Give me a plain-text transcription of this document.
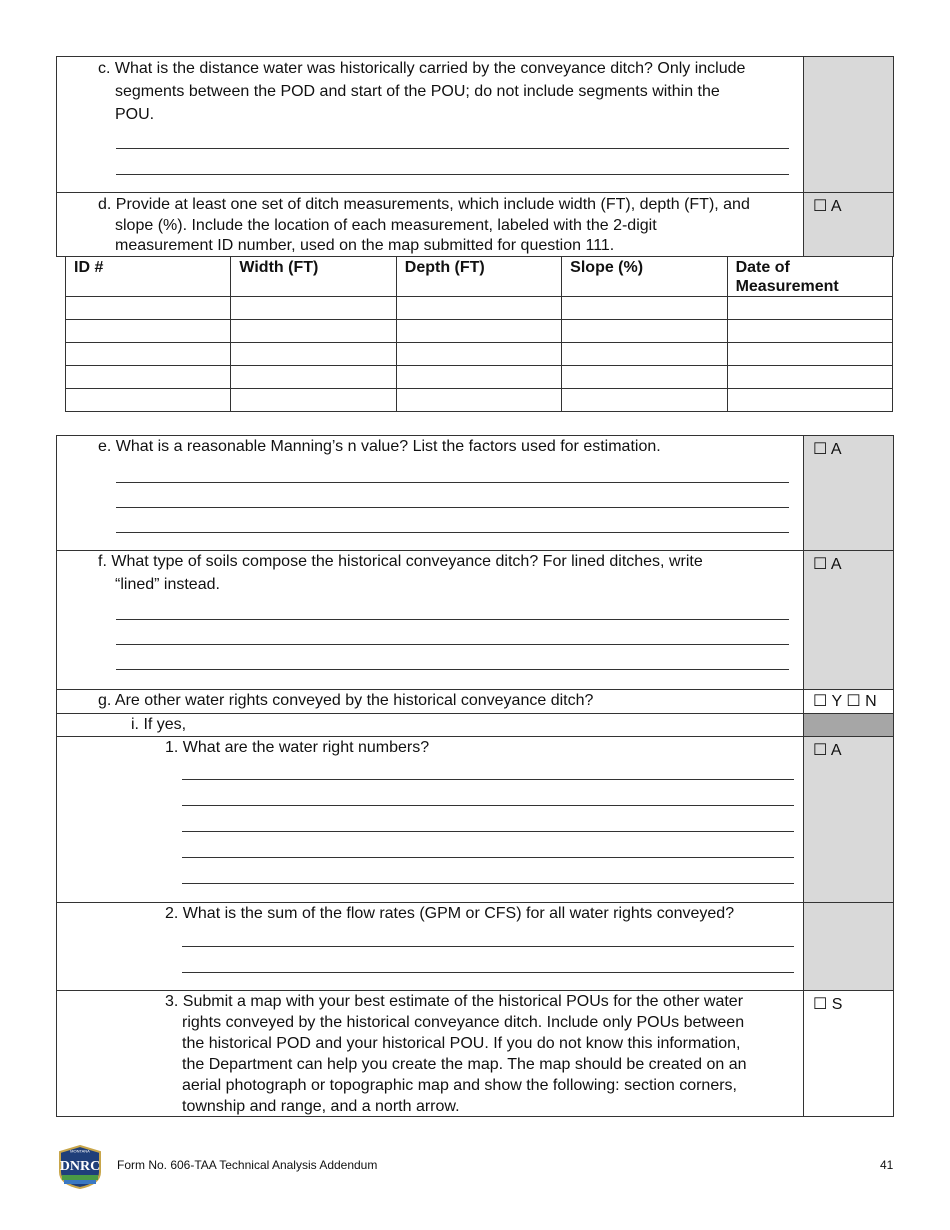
c. What is the distance water was historically carried by the conveyance ditch? Only include
segments between the POD and start of the POU; do not include segments within the
POU.
d. Provide at least one set of ditch measurements, which include width (FT), depth (FT), and
slope (%). Include the location of each measurement, labeled with the 2-digit
measurement ID number, used on the map submitted for question 111.
☐ A
ID #	Width (FT)	Depth (FT)	Slope (%)	Date of Measurement

e. What is a reasonable Manning’s n value? List the factors used for estimation.	☐ A
f. What type of soils compose the historical conveyance ditch? For lined ditches, write
“lined” instead.
☐ A
g. Are other water rights conveyed by the historical conveyance ditch?	☐ Y ☐ N
i. If yes,
1. What are the water right numbers?	☐ A
2. What is the sum of the flow rates (GPM or CFS) for all water rights conveyed?
3. Submit a map with your best estimate of the historical POUs for the other water
rights conveyed by the historical conveyance ditch. Include only POUs between
the historical POD and your historical POU. If you do not know this information,
the Department can help you create the map. The map should be created on an
aerial photograph or topographic map and show the following: section corners,
township and range, and a north arrow.
☐ S
MONTANA
DNRC Form No. 606-TAA Technical Analysis Addendum	41
